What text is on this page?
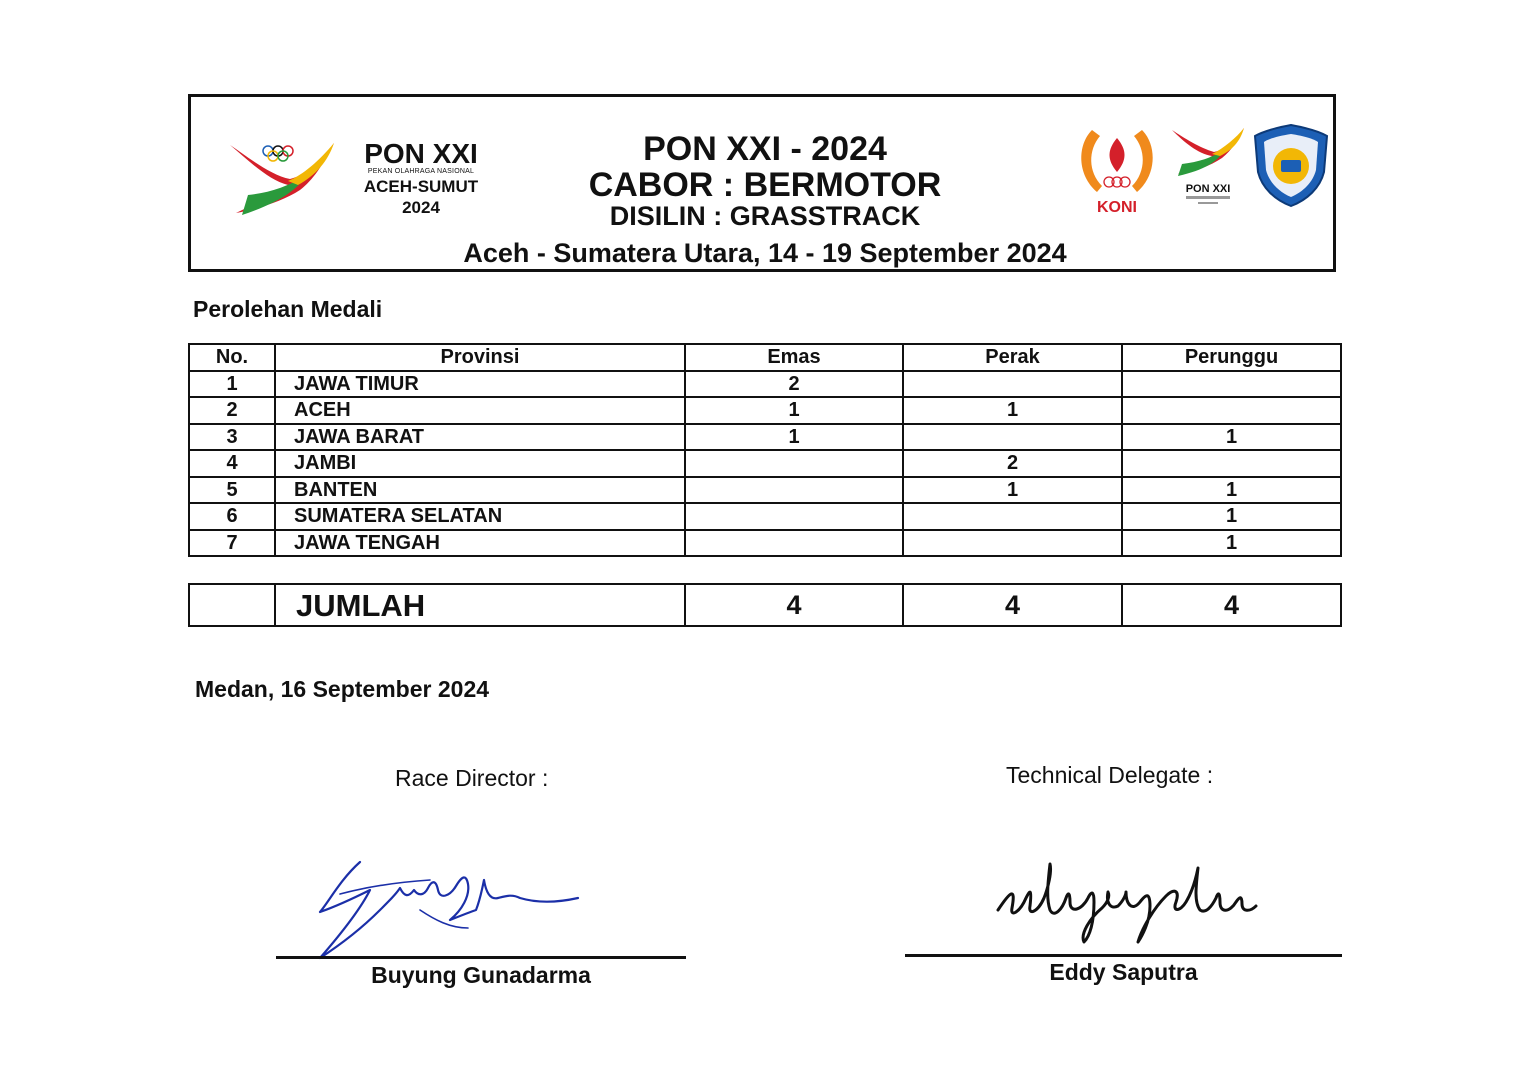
PON XXI
PEKAN OLAHRAGA NASIONAL
ACEH-SUMUT
2024
PON XXI - 2024
CABOR : BERMOTOR
DISILIN : GRASSTRACK
Aceh - Sumatera Utara, 14 - 19 September 2024
KONI
PON XXI
Perolehan Medali
No.	Provinsi	Emas	Perak	Perunggu
1	JAWA TIMUR	2		
2	ACEH	1	1	
3	JAWA BARAT	1		1
4	JAMBI		2	
5	BANTEN		1	1
6	SUMATERA SELATAN			1
7	JAWA TENGAH			1
	JUMLAH	4	4	4
Medan, 16 September 2024
Race Director :	Technical Delegate :
Buyung Gunadarma	Eddy Saputra
